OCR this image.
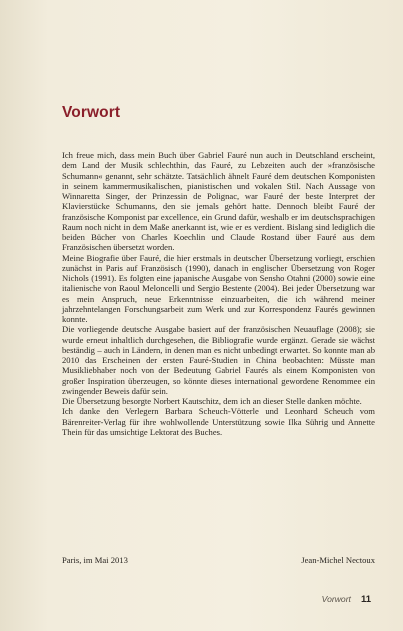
Vorwort

Ich freue mich, dass mein Buch über Gabriel Fauré nun auch in Deutschland erscheint, dem Land der Musik schlechthin, das Fauré, zu Lebzeiten auch der »französische Schumann« genannt, sehr schätzte. Tatsächlich ähnelt Fauré dem deutschen Komponisten in seinem kammermusikalischen, pianistischen und vokalen Stil. Nach Aussage von Winnaretta Singer, der Prinzessin de Polignac, war Fauré der beste Interpret der Klavierstücke Schumanns, den sie jemals gehört hatte. Dennoch bleibt Fauré der französische Komponist par excellence, ein Grund dafür, weshalb er im deutschsprachigen Raum noch nicht in dem Maße anerkannt ist, wie er es verdient. Bislang sind lediglich die beiden Bücher von Charles Koechlin und Claude Rostand über Fauré aus dem Französischen übersetzt worden.

Meine Biografie über Fauré, die hier erstmals in deutscher Übersetzung vorliegt, erschien zunächst in Paris auf Französisch (1990), danach in englischer Übersetzung von Roger Nichols (1991). Es folgten eine japanische Ausgabe von Sensho Otahni (2000) sowie eine italienische von Raoul Meloncelli und Sergio Bestente (2004). Bei jeder Übersetzung war es mein Anspruch, neue Erkenntnisse einzuarbeiten, die ich während meiner jahrzehntelangen Forschungsarbeit zum Werk und zur Korrespondenz Faurés gewinnen konnte.

Die vorliegende deutsche Ausgabe basiert auf der französischen Neuauflage (2008); sie wurde erneut inhaltlich durchgesehen, die Bibliografie wurde ergänzt. Gerade sie wächst beständig – auch in Ländern, in denen man es nicht unbedingt erwartet. So konnte man ab 2010 das Erscheinen der ersten Fauré-Studien in China beobachten: Müsste man Musikliebhaber noch von der Bedeutung Gabriel Faurés als einem Komponisten von großer Inspiration überzeugen, so könnte dieses international gewordene Renommee ein zwingender Beweis dafür sein.

Die Übersetzung besorgte Norbert Kautschitz, dem ich an dieser Stelle danken möchte.

Ich danke den Verlegern Barbara Scheuch-Vötterle und Leonhard Scheuch vom Bärenreiter-Verlag für ihre wohlwollende Unterstützung sowie Ilka Sührig und Annette Thein für das umsichtige Lektorat des Buches.

Paris, im Mai 2013	Jean-Michel Nectoux
Vorwort 11
